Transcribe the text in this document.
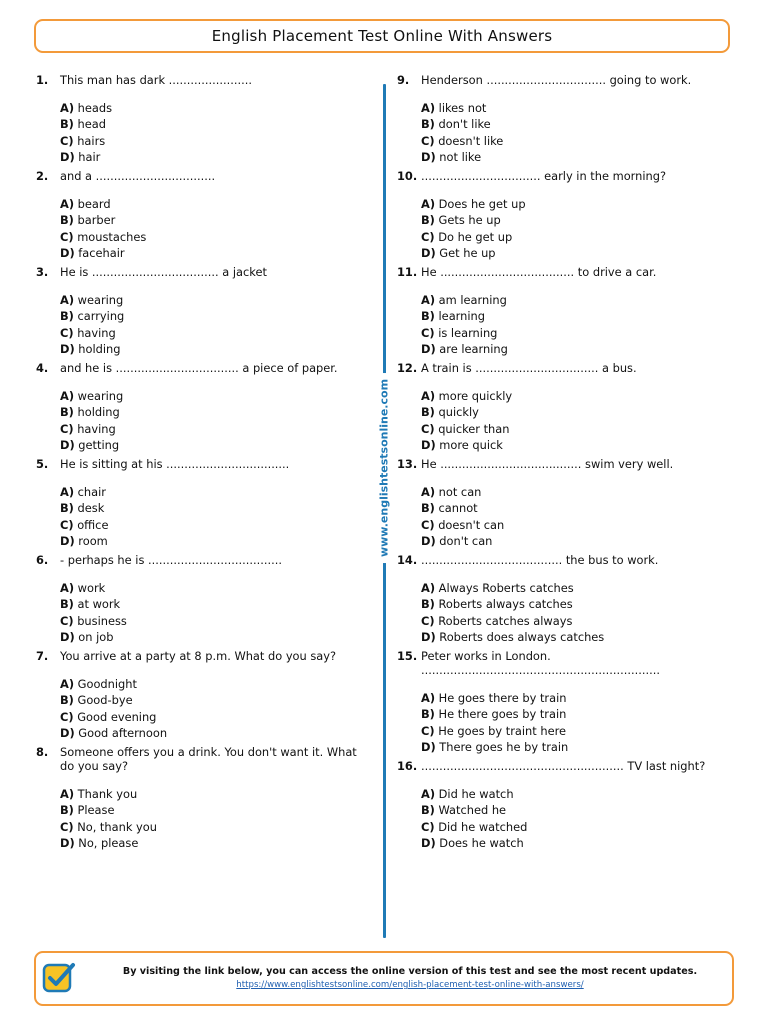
English Placement Test Online With Answers
1.	This man has dark .......................
A) heads
B) head
C) hairs
D) hair
2.	and a .................................
A) beard
B) barber
C) moustaches
D) facehair
3.	He is ................................... a jacket
A) wearing
B) carrying
C) having
D) holding
4.	and he is .................................. a piece of paper.
A) wearing
B) holding
C) having
D) getting
5.	He is sitting at his ..................................
A) chair
B) desk
C) office
D) room
6.	- perhaps he is .....................................
A) work
B) at work
C) business
D) on job
7.	You arrive at a party at 8 p.m. What do you say?
A) Goodnight
B) Good-bye
C) Good evening
D) Good afternoon
8.	Someone offers you a drink. You don't want it. What do you say?
A) Thank you
B) Please
C) No, thank you
D) No, please
www.englishtestsonline.com
9.	Henderson ................................. going to work.
A) likes not
B) don't like
C) doesn't like
D) not like
10. ................................. early in the morning?
A) Does he get up
B) Gets he up
C) Do he get up
D) Get he up
11. He ..................................... to drive a car.
A) am learning
B) learning
C) is learning
D) are learning
12. A train is .................................. a bus.
A) more quickly
B) quickly
C) quicker than
D) more quick
13. He ....................................... swim very well.
A) not can
B) cannot
C) doesn't can
D) don't can
14. ....................................... the bus to work.
A) Always Roberts catches
B) Roberts always catches
C) Roberts catches always
D) Roberts does always catches
15. Peter works in London. ..................................................................
A) He goes there by train
B) He there goes by train
C) He goes by traint here
D) There goes he by train
16. ........................................................ TV last night?
A) Did he watch
B) Watched he
C) Did he watched
D) Does he watch
By visiting the link below, you can access the online version of this test and see the most recent updates.
https://www.englishtestsonline.com/english-placement-test-online-with-answers/
